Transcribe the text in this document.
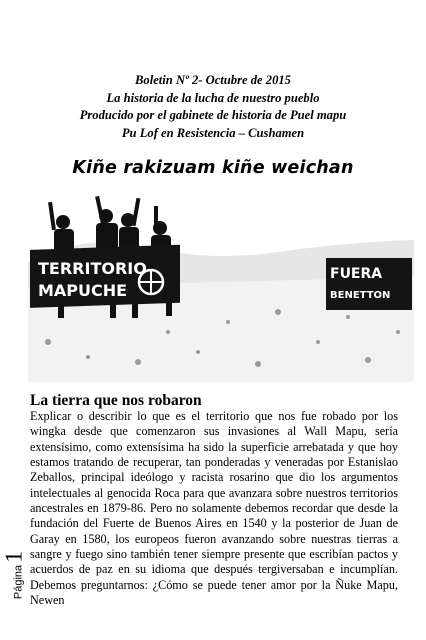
Boletin Nº 2- Octubre de 2015
La historia de la lucha de nuestro pueblo
Producido por el gabinete de historia de Puel mapu
Pu Lof en Resistencia – Cushamen
Kiñe rakizuam kiñe weichan
TERRITORIO
MAPUCHE
FUERA
BENETTON
La tierra que nos robaron
Explicar o describir lo que es el territorio que nos fue robado por los wingka desde que comenzaron sus invasiones al Wall Mapu, sería extensísimo, como extensísima ha sido la superficie arrebatada y que hoy estamos tratando de recuperar, tan ponderadas y veneradas por Estanislao Zeballos, principal ideólogo y racista rosarino que dio los argumentos intelectuales al genocida Roca para que avanzara sobre nuestros territorios ancestrales en 1879-86. Pero no solamente debemos recordar que desde la fundación del Fuerte de Buenos Aires en 1540 y la posterior de Juan de Garay en 1580, los europeos fueron avanzando sobre nuestras tierras a sangre y fuego sino también tener siempre presente que escribían pactos y acuerdos de paz en su idioma que después tergiversaban e incumplían. Debemos preguntarnos: ¿Cómo se puede tener amor por la Ñuke Mapu, Newen
Página
1
